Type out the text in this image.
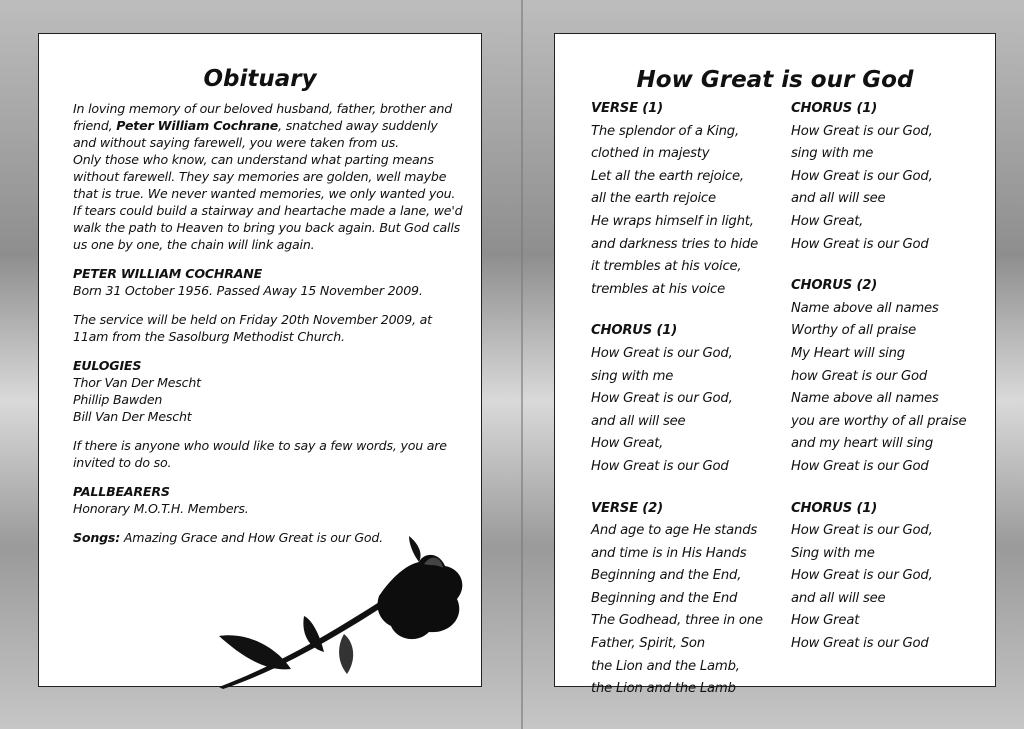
Obituary

In loving memory of our beloved husband, father, brother and friend, Peter William Cochrane, snatched away suddenly and without saying farewell, you were taken from us.
Only those who know, can understand what parting means without farewell. They say memories are golden, well maybe that is true. We never wanted memories, we only wanted you. If tears could build a stairway and heartache made a lane, we'd walk the path to Heaven to bring you back again. But God calls us one by one, the chain will link again.

PETER WILLIAM COCHRANE
Born 31 October 1956. Passed Away 15 November 2009.

The service will be held on Friday 20th November 2009, at 11am from the Sasolburg Methodist Church.

EULOGIES
Thor Van Der Mescht
Phillip Bawden
Bill Van Der Mescht

If there is anyone who would like to say a few words, you are invited to do so.

PALLBEARERS
Honorary M.O.T.H. Members.

Songs: Amazing Grace and How Great is our God.

How Great is our God
VERSE (1)
The splendor of a King,
clothed in majesty
Let all the earth rejoice,
all the earth rejoice
He wraps himself in light,
and darkness tries to hide
it trembles at his voice,
trembles at his voice
CHORUS (1)
How Great is our God,
sing with me
How Great is our God,
and all will see
How Great,
How Great is our God
VERSE (2)
And age to age He stands
and time is in His Hands
Beginning and the End,
Beginning and the End
The Godhead, three in one
Father, Spirit, Son
the Lion and the Lamb,
the Lion and the Lamb
CHORUS (1)
How Great is our God,
sing with me
How Great is our God,
and all will see
How Great,
How Great is our God
CHORUS (2)
Name above all names
Worthy of all praise
My Heart will sing
how Great is our God
Name above all names
you are worthy of all praise
and my heart will sing
How Great is our God
CHORUS (1)
How Great is our God,
Sing with me
How Great is our God,
and all will see
How Great
How Great is our God
